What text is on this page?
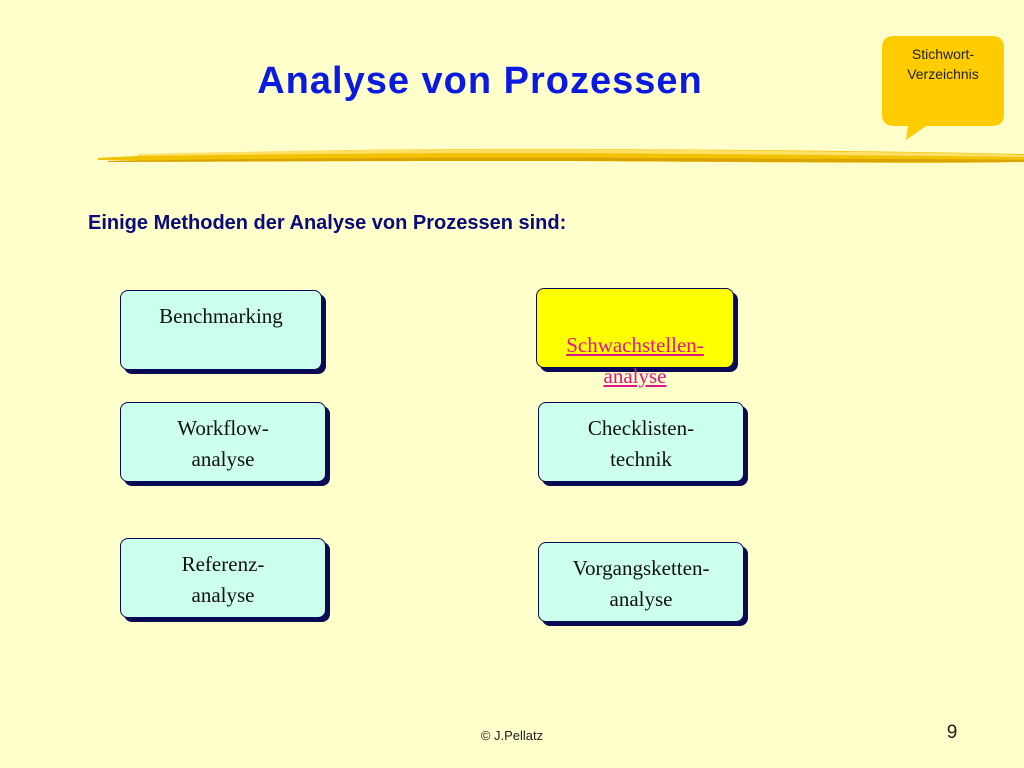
Analyse von Prozessen
Stichwort-
Verzeichnis
Einige Methoden der Analyse von Prozessen sind:
Benchmarking

Schwachstellen-
analyse

Workflow-
analyse
Checklisten-
technik
Referenz-
analyse
Vorgangsketten-
analyse
© J.Pellatz	9
